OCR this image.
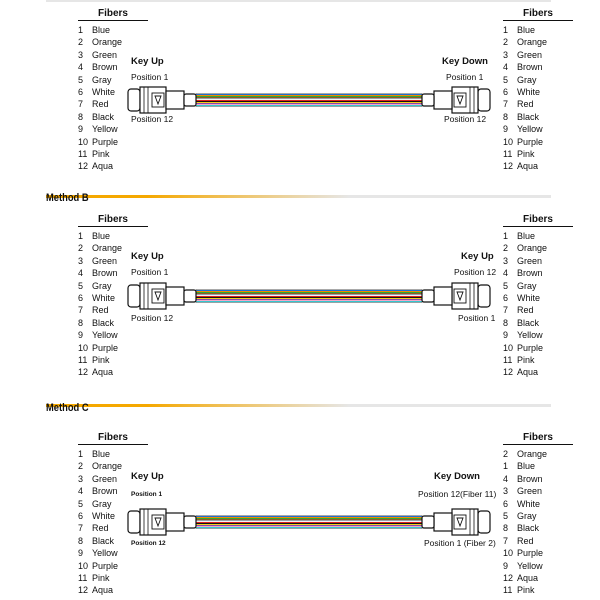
Fibers
1 Blue
2 Orange
3 Green
4 Brown
5 Gray
6 White
7 Red
8 Black
9 Yellow
10 Purple
11 Pink
12 Aqua
Fibers
1 Blue
2 Orange
3 Green
4 Brown
5 Gray
6 White
7 Red
8 Black
9 Yellow
10 Purple
11 Pink
12 Aqua
Key Up
Position 1
Position 12
Key Down
Position 1
Position 12
Method B
Fibers
1 Blue
2 Orange
3 Green
4 Brown
5 Gray
6 White
7 Red
8 Black
9 Yellow
10 Purple
11 Pink
12 Aqua
Fibers
1 Blue
2 Orange
3 Green
4 Brown
5 Gray
6 White
7 Red
8 Black
9 Yellow
10 Purple
11 Pink
12 Aqua
Key Up
Position 1
Position 12
Key Up
Position 12
Position 1
Method C
Fibers
1 Blue
2 Orange
3 Green
4 Brown
5 Gray
6 White
7 Red
8 Black
9 Yellow
10 Purple
11 Pink
12 Aqua
Fibers
2 Orange
1 Blue
4 Brown
3 Green
6 White
5 Gray
8 Black
7 Red
10 Purple
9 Yellow
12 Aqua
11 Pink
Key Up
Position 1
Position 12
Key Down
Position 12(Fiber 11)
Position 1 (Fiber 2)
